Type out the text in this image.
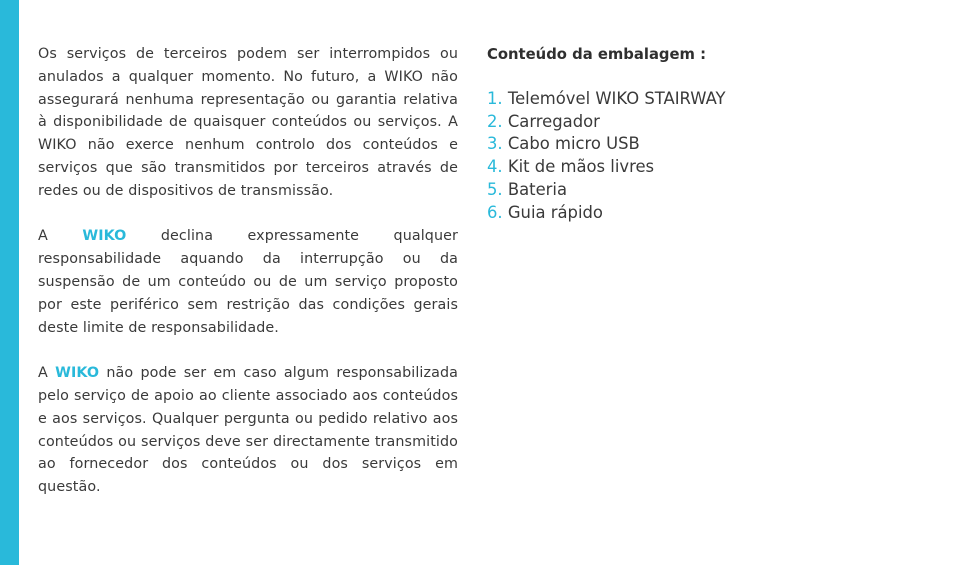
Os serviços de terceiros podem ser interrompidos ou anulados a qualquer momento. No futuro, a WIKO não assegurará nenhuma representação ou garantia relativa à disponibilidade de quaisquer conteúdos ou serviços. A WIKO não exerce nenhum controlo dos conteúdos e serviços que são transmitidos por terceiros através de redes ou de dispositivos de transmissão.

A WIKO declina expressamente qualquer responsabilidade aquando da interrupção ou da suspensão de um conteúdo ou de um serviço proposto por este periférico sem restrição das condições gerais deste limite de responsabilidade.

A WIKO não pode ser em caso algum responsabilizada pelo serviço de apoio ao cliente associado aos conteúdos e aos serviços. Qualquer pergunta ou pedido relativo aos conteúdos ou serviços deve ser directamente transmitido ao fornecedor dos conteúdos ou dos serviços em questão.

Conteúdo da embalagem :
1. Telemóvel WIKO STAIRWAY
2. Carregador
3. Cabo micro USB
4. Kit de mãos livres
5. Bateria
6. Guia rápido
